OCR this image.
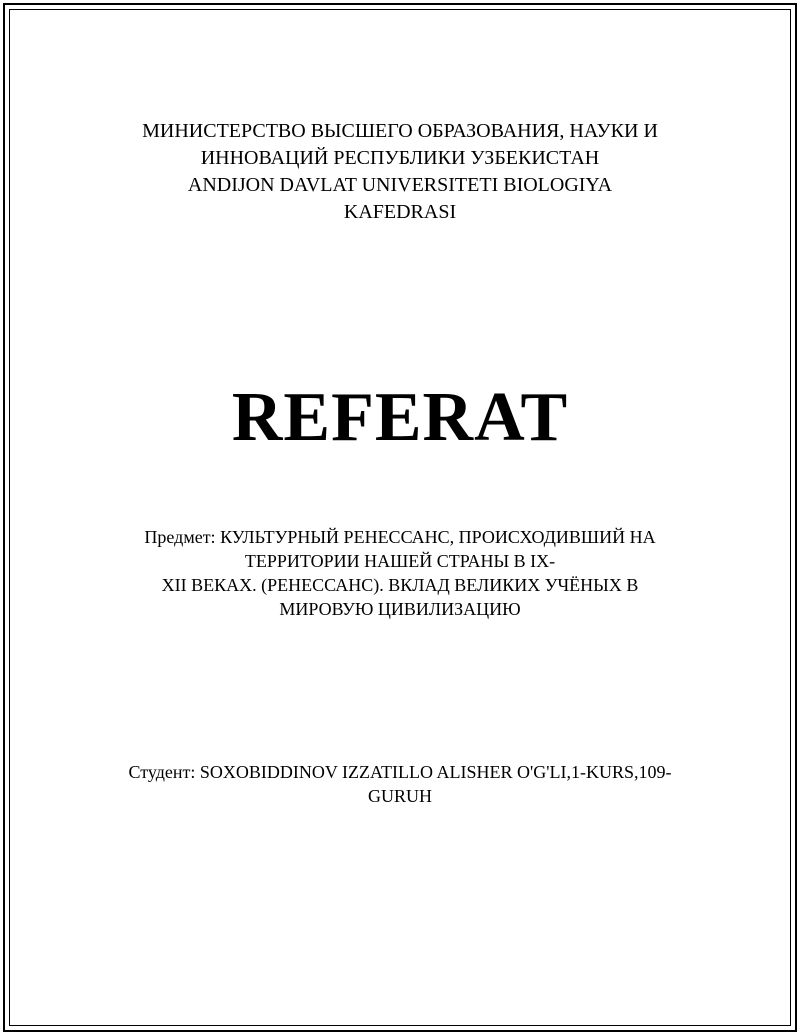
МИНИСТЕРСТВО ВЫСШЕГО ОБРАЗОВАНИЯ, НАУКИ И
ИННОВАЦИЙ РЕСПУБЛИКИ УЗБЕКИСТАН
ANDIJON DAVLAT UNIVERSITETI BIOLOGIYA
KAFEDRASI
REFERAT
Предмет: КУЛЬТУРНЫЙ РЕНЕССАНС, ПРОИСХОДИВШИЙ НА
ТЕРРИТОРИИ НАШЕЙ СТРАНЫ В IX-
XII ВЕКАХ. (РЕНЕССАНС). ВКЛАД ВЕЛИКИХ УЧЁНЫХ В
МИРОВУЮ ЦИВИЛИЗАЦИЮ
Студент: SOXOBIDDINOV IZZATILLO ALISHER O'G'LI,1-KURS,109-
GURUH
